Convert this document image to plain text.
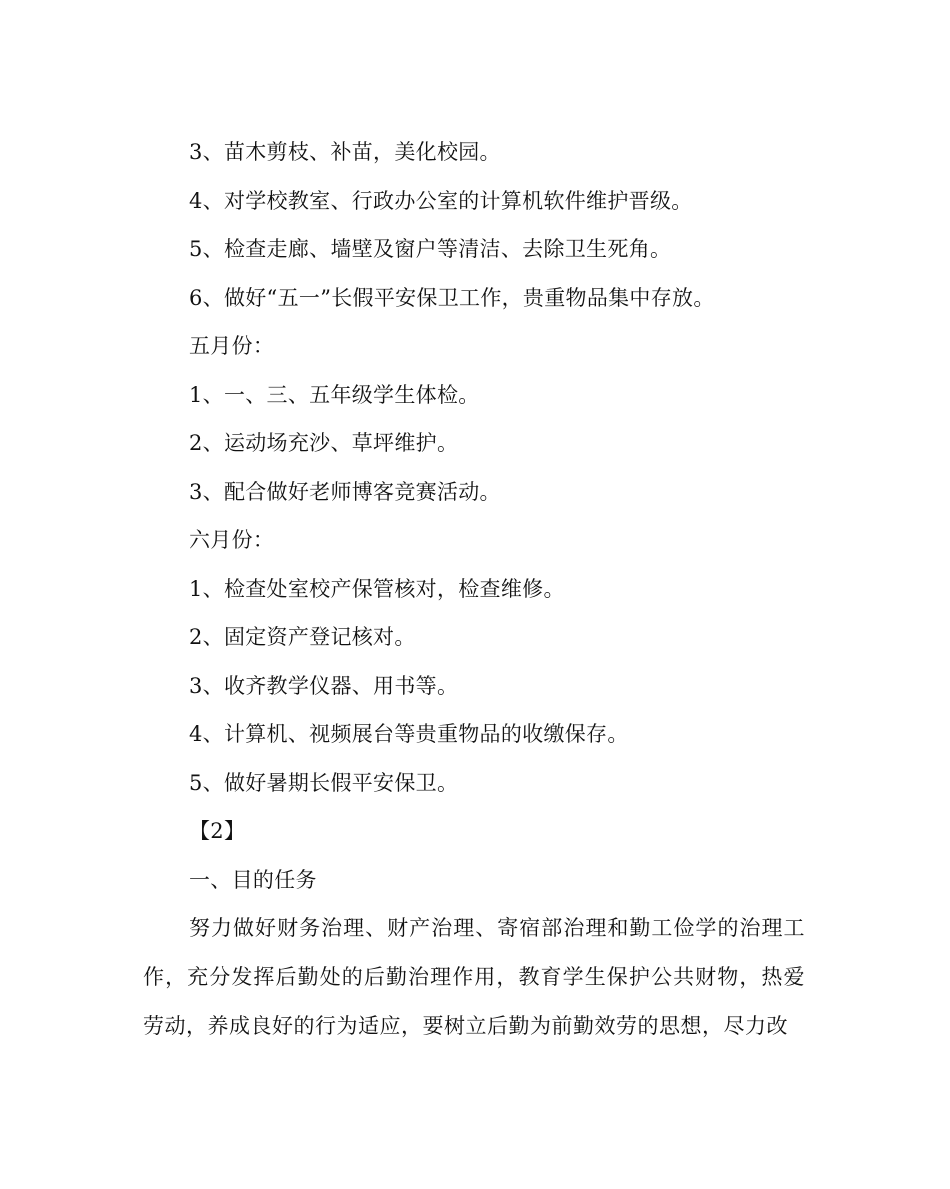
3、苗木剪枝、补苗，美化校园。
4、对学校教室、行政办公室的计算机软件维护晋级。
5、检查走廊、墙壁及窗户等清洁、去除卫生死角。
6、做好“五一”长假平安保卫工作，贵重物品集中存放。
五月份：
1、一、三、五年级学生体检。
2、运动场充沙、草坪维护。
3、配合做好老师博客竞赛活动。
六月份：
1、检查处室校产保管核对，检查维修。
2、固定资产登记核对。
3、收齐教学仪器、用书等。
4、计算机、视频展台等贵重物品的收缴保存。
5、做好暑期长假平安保卫。
【2】
一、目的任务
努力做好财务治理、财产治理、寄宿部治理和勤工俭学的治理工作，充分发挥后勤处的后勤治理作用，教育学生保护公共财物，热爱劳动，养成良好的行为适应，要树立后勤为前勤效劳的思想，尽力改
